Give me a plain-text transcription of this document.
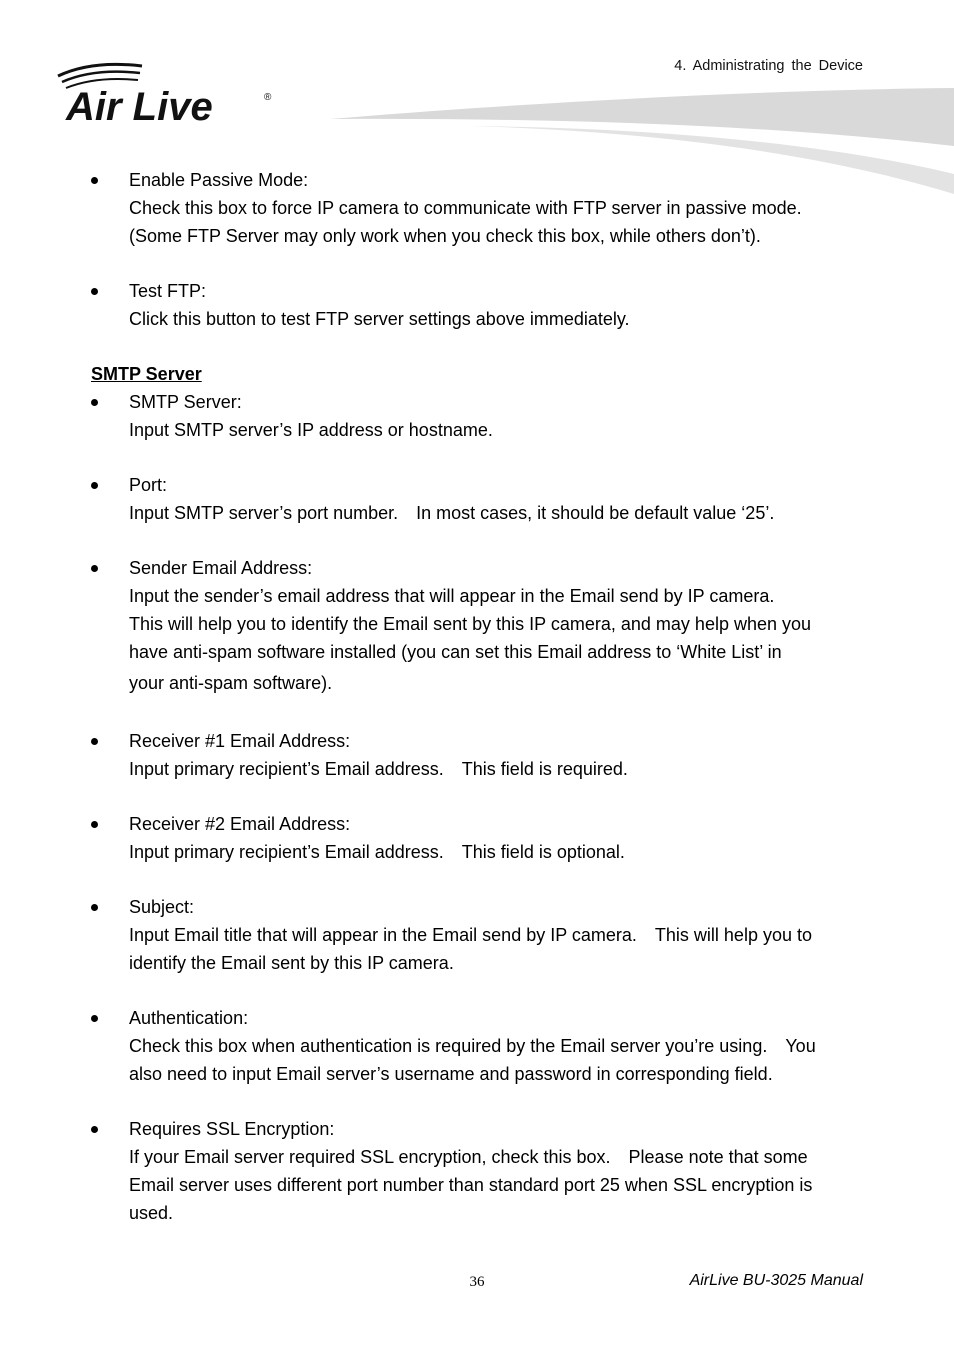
4. Administrating the Device
Air Live	®

Enable Passive Mode:

Check this box to force IP camera to communicate with FTP server in passive mode.

(Some FTP Server may only work when you check this box, while others don’t).

Test FTP:

Click this button to test FTP server settings above immediately.

SMTP Server

SMTP Server:

Input SMTP server’s IP address or hostname.

Port:

Input SMTP server’s port number.　In most cases, it should be default value ‘25’.

Sender Email Address:

Input the sender’s email address that will appear in the Email send by IP camera.

This will help you to identify the Email sent by this IP camera, and may help when you

have anti-spam software installed (you can set this Email address to ‘White List’ in

your anti-spam software).

Receiver #1 Email Address:

Input primary recipient’s Email address.　This field is required.

Receiver #2 Email Address:

Input primary recipient’s Email address.　This field is optional.

Subject:

Input Email title that will appear in the Email send by IP camera.　This will help you to

identify the Email sent by this IP camera.

Authentication:

Check this box when authentication is required by the Email server you’re using.　You

also need to input Email server’s username and password in corresponding field.

Requires SSL Encryption:

If your Email server required SSL encryption, check this box.　Please note that some

Email server uses different port number than standard port 25 when SSL encryption is

used.

36	AirLive BU-3025 Manual
